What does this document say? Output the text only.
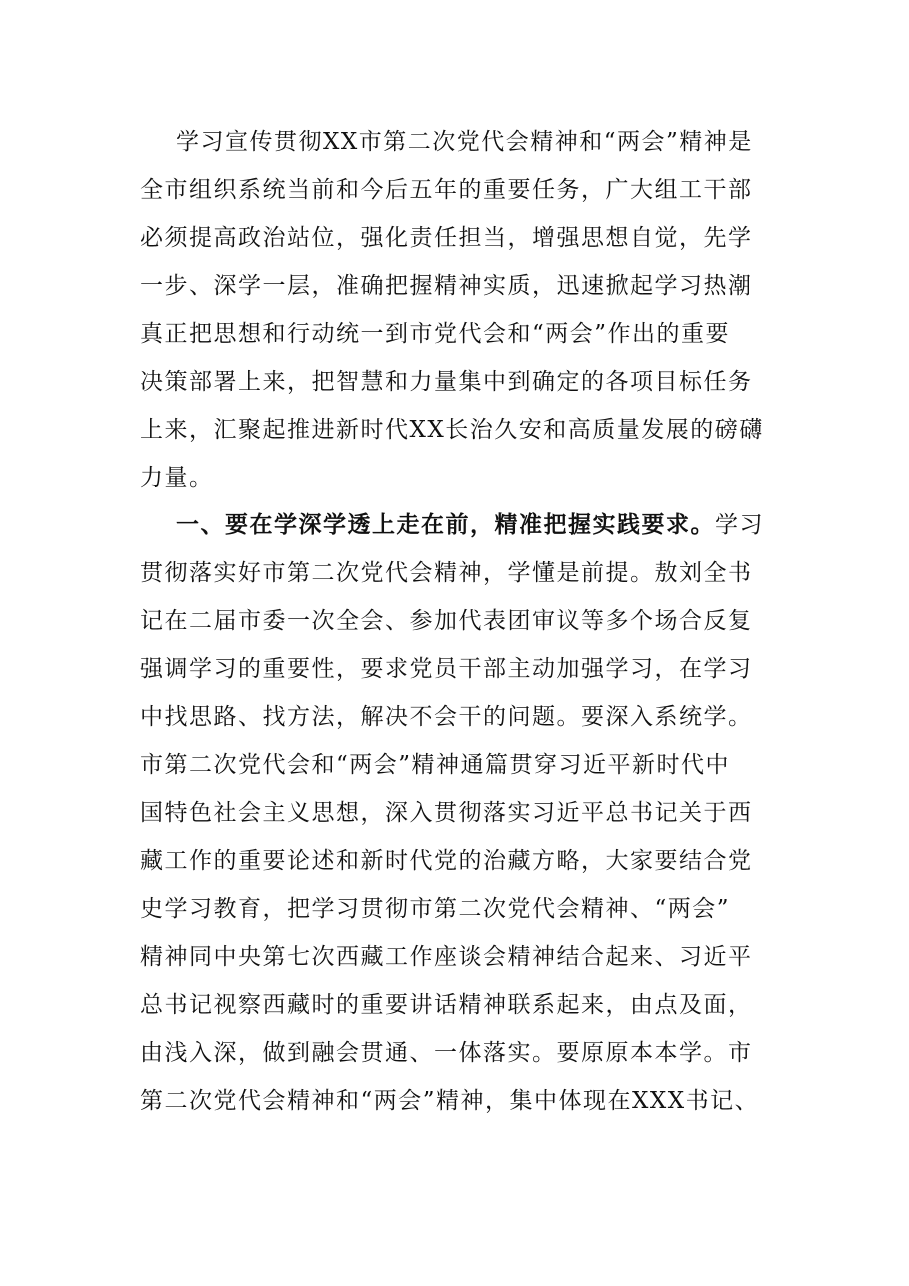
学习宣传贯彻XX市第二次党代会精神和“两会”精神是
全市组织系统当前和今后五年的重要任务，广大组工干部
必须提高政治站位，强化责任担当，增强思想自觉，先学
一步、深学一层，准确把握精神实质，迅速掀起学习热潮
真正把思想和行动统一到市党代会和“两会”作出的重要
决策部署上来，把智慧和力量集中到确定的各项目标任务
上来，汇聚起推进新时代XX长治久安和高质量发展的磅礴
力量。
一、要在学深学透上走在前，精准把握实践要求。学习
贯彻落实好市第二次党代会精神，学懂是前提。敖刘全书
记在二届市委一次全会、参加代表团审议等多个场合反复
强调学习的重要性，要求党员干部主动加强学习，在学习
中找思路、找方法，解决不会干的问题。要深入系统学。
市第二次党代会和“两会”精神通篇贯穿习近平新时代中
国特色社会主义思想，深入贯彻落实习近平总书记关于西
藏工作的重要论述和新时代党的治藏方略，大家要结合党
史学习教育，把学习贯彻市第二次党代会精神、“两会”
精神同中央第七次西藏工作座谈会精神结合起来、习近平
总书记视察西藏时的重要讲话精神联系起来，由点及面，
由浅入深，做到融会贯通、一体落实。要原原本本学。市
第二次党代会精神和“两会”精神，集中体现在XXX书记、
